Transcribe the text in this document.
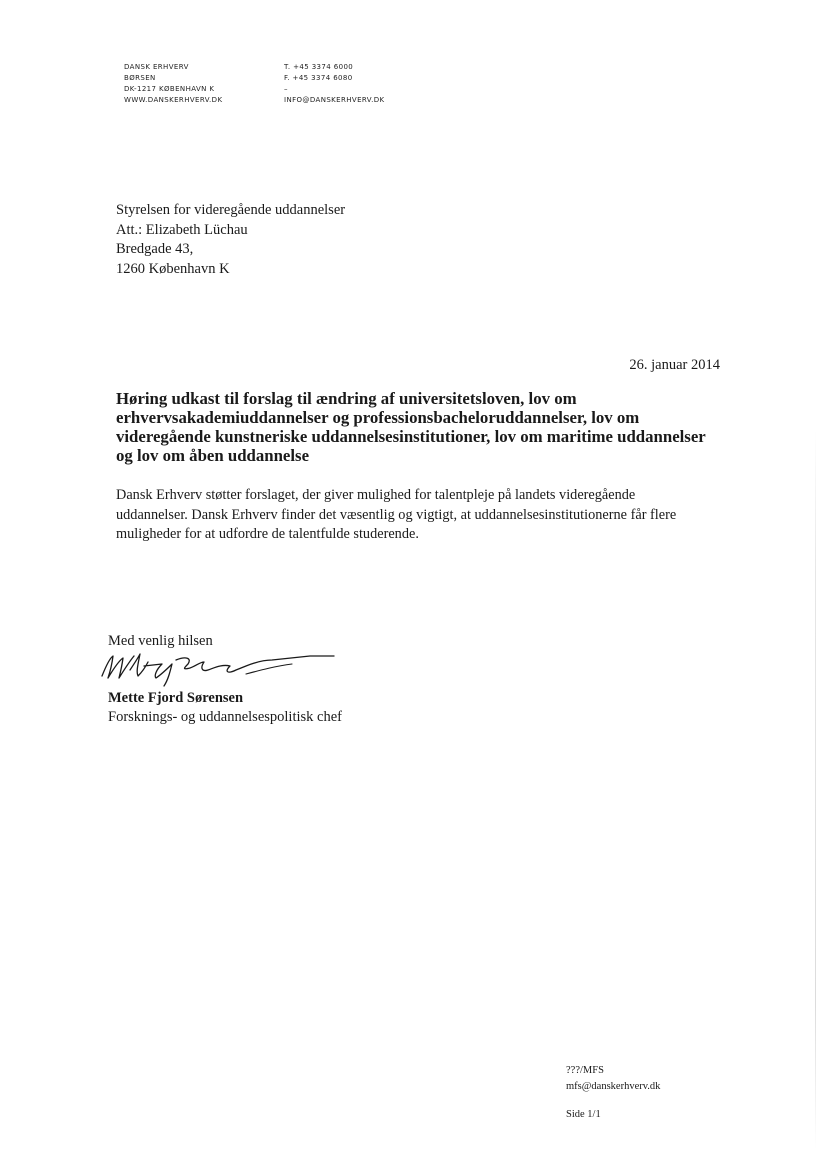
DANSK ERHVERV
BØRSEN
DK-1217 KØBENHAVN K
WWW.DANSKERHVERV.DK
T. +45 3374 6000
F. +45 3374 6080
–
INFO@DANSKERHVERV.DK
Styrelsen for videregående uddannelser
Att.: Elizabeth Lüchau
Bredgade 43,
1260 København K
26. januar 2014
Høring udkast til forslag til ændring af universitetsloven, lov om erhvervsakademiuddannelser og professionsbacheloruddannelser, lov om videregående kunstneriske uddannelsesinstitutioner, lov om maritime uddannelser og lov om åben uddannelse

Dansk Erhverv støtter forslaget, der giver mulighed for talentpleje på landets videregående uddannelser. Dansk Erhverv finder det væsentlig og vigtigt, at uddannelsesinstitutionerne får flere muligheder for at udfordre de talentfulde studerende.

Med venlig hilsen
Mette Fjord Sørensen
Forsknings- og uddannelsespolitisk chef
???/MFS
mfs@danskerhverv.dk
Side 1/1
